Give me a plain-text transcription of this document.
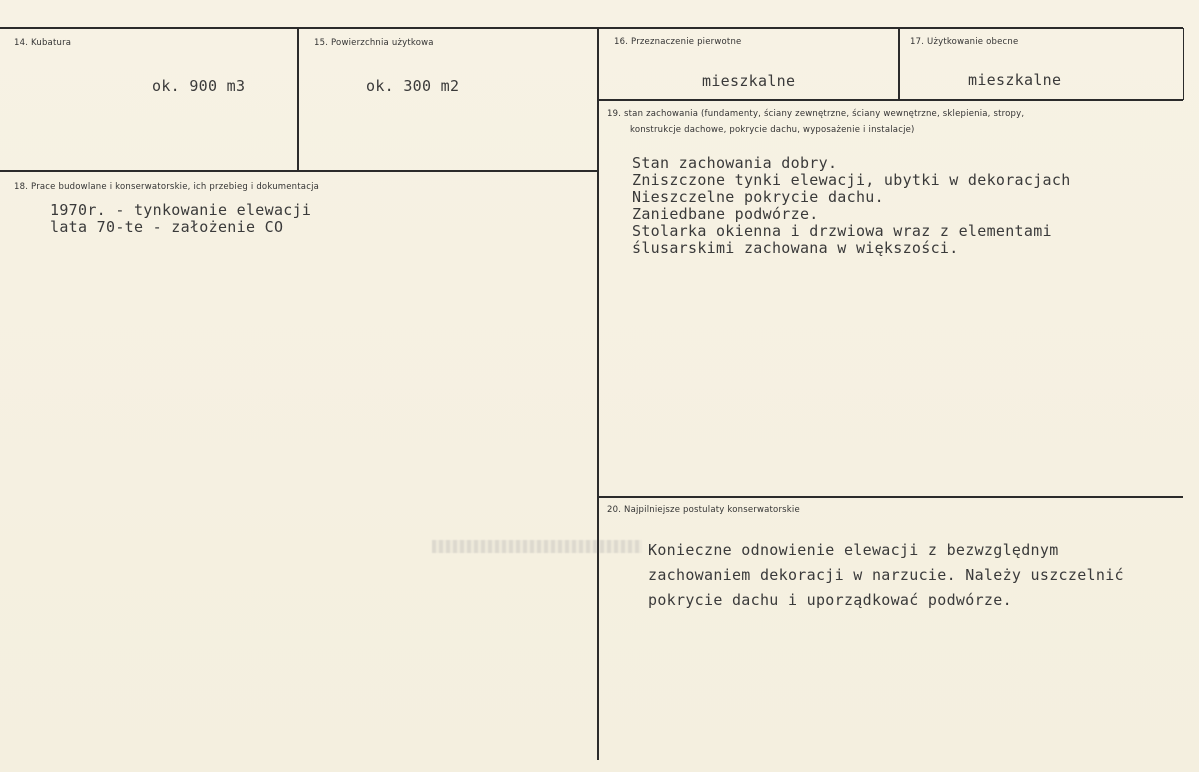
14. Kubatura
ok. 900 m3
15. Powierzchnia użytkowa
ok. 300 m2
16. Przeznaczenie pierwotne
mieszkalne
17. Użytkowanie obecne
mieszkalne
18. Prace budowlane i konserwatorskie, ich przebieg i dokumentacja
1970r. - tynkowanie elewacji
lata 70-te - założenie CO
19. stan zachowania (fundamenty, ściany zewnętrzne, ściany wewnętrzne, sklepienia, stropy,
konstrukcje dachowe, pokrycie dachu, wyposażenie i instalacje)
Stan zachowania dobry.
Zniszczone tynki elewacji, ubytki w dekoracjach
Nieszczelne pokrycie dachu.
Zaniedbane podwórze.
Stolarka okienna i drzwiowa wraz z elementami
ślusarskimi zachowana w większości.
20. Najpilniejsze postulaty konserwatorskie
Konieczne odnowienie elewacji z bezwzględnym
zachowaniem dekoracji w narzucie. Należy uszczelnić
pokrycie dachu i uporządkować podwórze.
